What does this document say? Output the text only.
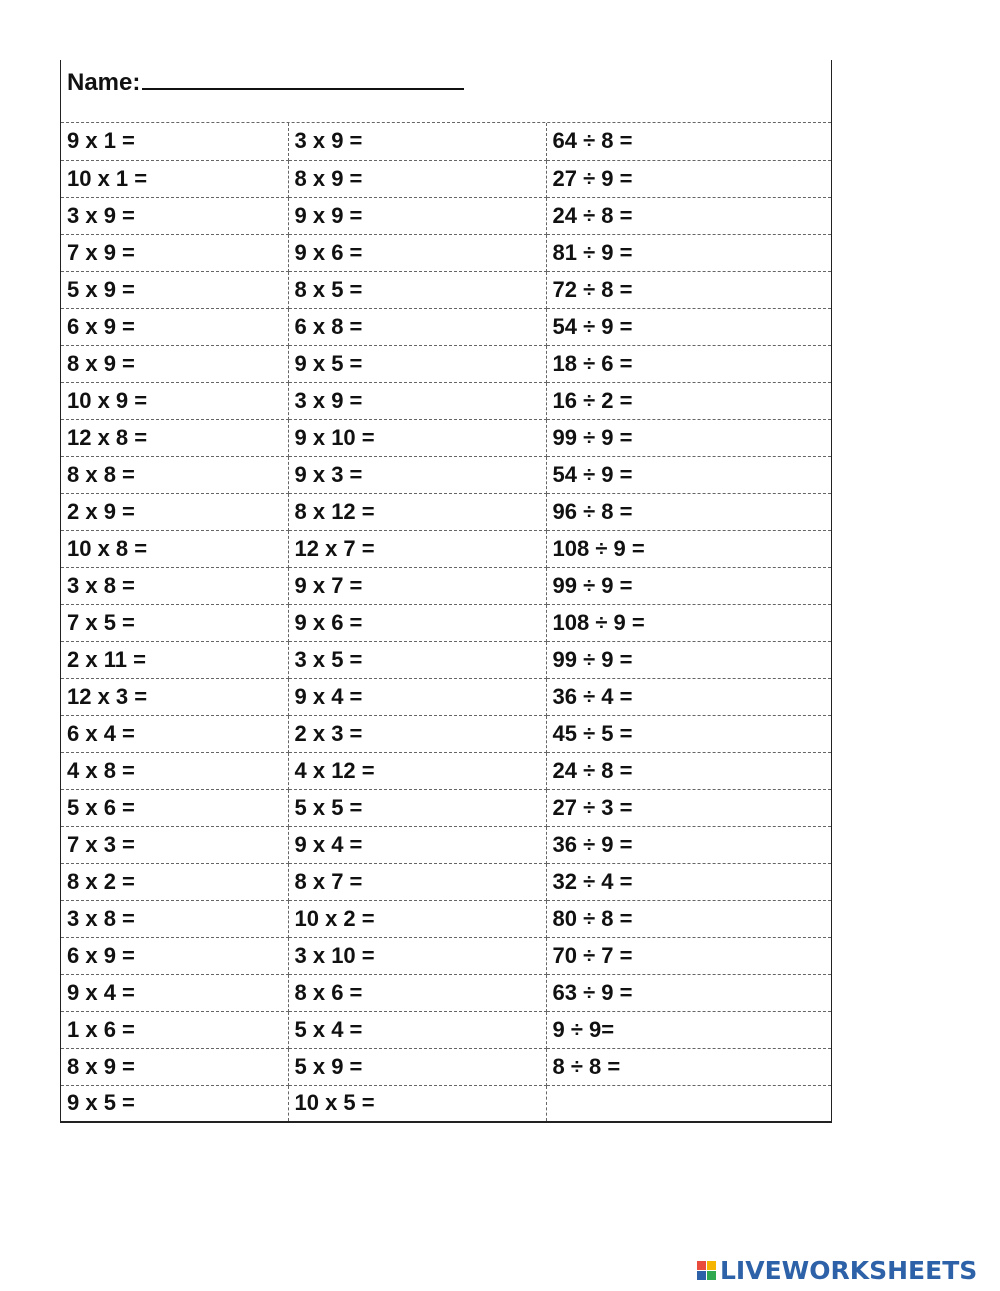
Name:
9 x 1 =	3 x 9 =	64 ÷ 8 =
10 x 1 =	8 x 9 =	27 ÷ 9 =
3 x 9 =	9 x 9 =	24 ÷ 8 =
7 x 9 =	9 x 6 =	81 ÷ 9 =
5 x 9 =	8 x 5 =	72 ÷ 8 =
6 x 9 =	6 x 8 =	54 ÷ 9 =
8 x 9 =	9 x 5 =	18 ÷ 6 =
10 x 9 =	3 x 9 =	16 ÷ 2 =
12 x 8 =	9 x 10 =	99 ÷ 9 =
8 x 8 =	9 x 3 =	54 ÷ 9 =
2 x 9 =	8 x 12 =	96 ÷ 8 =
10 x 8 =	12 x 7 =	108 ÷ 9 =
3 x 8 =	9 x 7 =	99 ÷ 9 =
7 x 5 =	9 x 6 =	108 ÷ 9 =
2 x 11 =	3 x 5 =	99 ÷ 9 =
12 x 3 =	9 x 4 =	36 ÷ 4 =
6 x 4 =	2 x 3 =	45 ÷ 5 =
4 x 8 =	4 x 12 =	24 ÷ 8 =
5 x 6 =	5 x 5 =	27 ÷ 3 =
7 x 3 =	9 x 4 =	36 ÷ 9 =
8 x 2 =	8 x 7 =	32 ÷ 4 =
3 x 8 =	10 x 2 =	80 ÷ 8 =
6 x 9 =	3 x 10 =	70 ÷ 7 =
9 x 4 =	8 x 6 =	63 ÷ 9 =
1 x 6 =	5 x 4 =	9 ÷ 9=
8 x 9 =	5 x 9 =	8 ÷ 8 =
9 x 5 =	10 x 5 =	
LIVEWORKSHEETS
